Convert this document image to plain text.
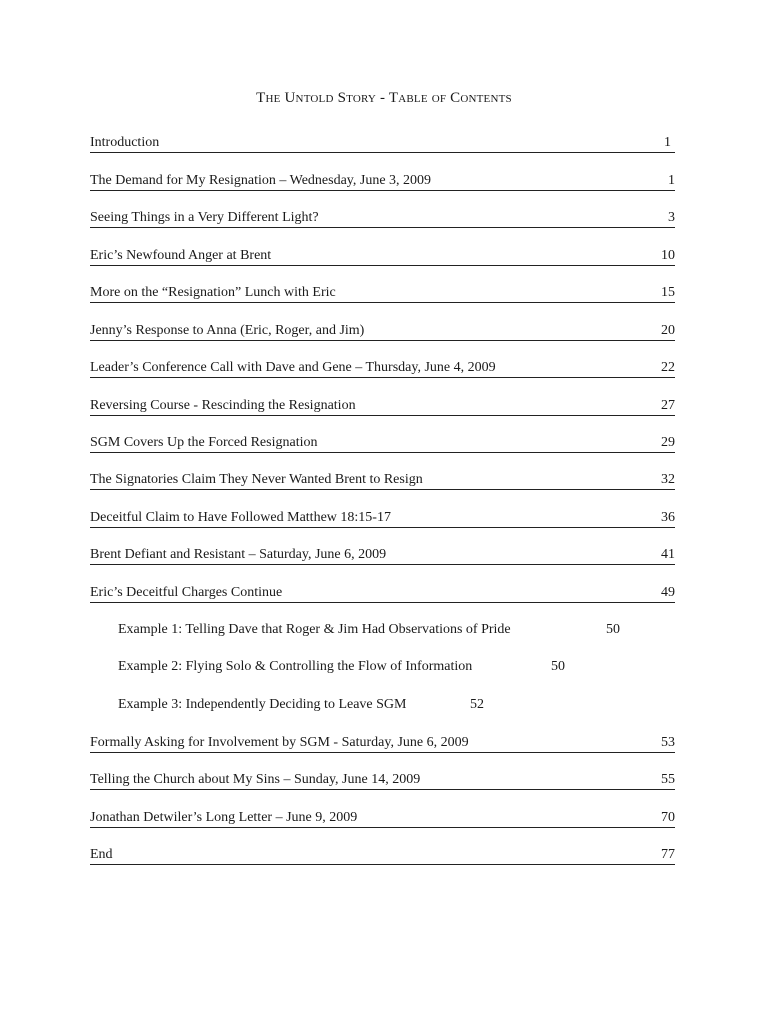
The Untold Story - Table of Contents
Introduction	1
The Demand for My Resignation – Wednesday, June 3, 2009	1
Seeing Things in a Very Different Light?	3
Eric’s Newfound Anger at Brent	10
More on the “Resignation” Lunch with Eric	15
Jenny’s Response to Anna (Eric, Roger, and Jim)	20
Leader’s Conference Call with Dave and Gene – Thursday, June 4, 2009	22
Reversing Course - Rescinding the Resignation	27
SGM Covers Up the Forced Resignation	29
The Signatories Claim They Never Wanted Brent to Resign	32
Deceitful Claim to Have Followed Matthew 18:15-17	36
Brent Defiant and Resistant – Saturday, June 6, 2009	41
Eric’s Deceitful Charges Continue	49
Example 1: Telling Dave that Roger & Jim Had Observations of Pride	50
Example 2: Flying Solo & Controlling the Flow of Information	50
Example 3: Independently Deciding to Leave SGM	52
Formally Asking for Involvement by SGM - Saturday, June 6, 2009	53
Telling the Church about My Sins – Sunday, June 14, 2009	55
Jonathan Detwiler’s Long Letter – June 9, 2009	70
End	77
